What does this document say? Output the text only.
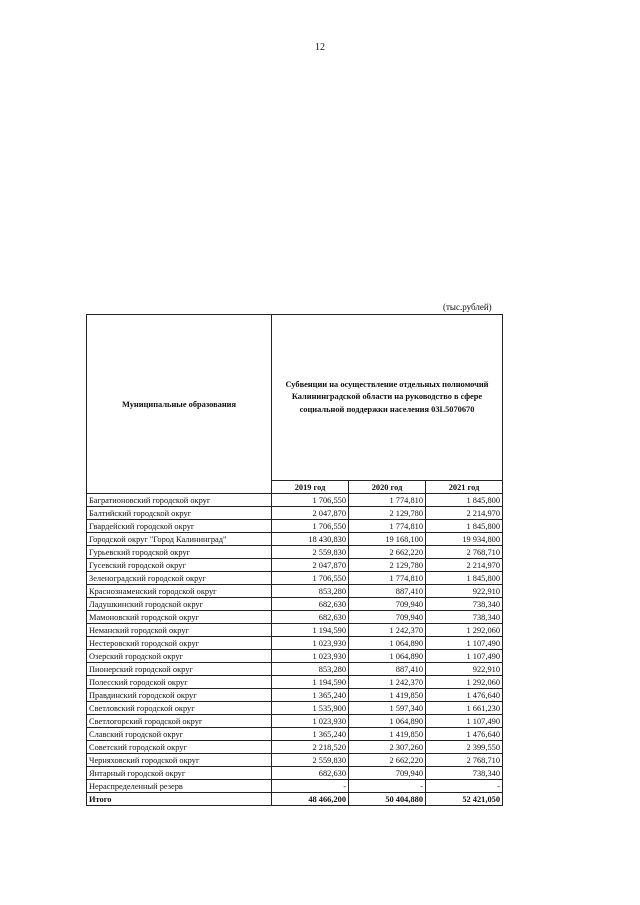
12
(тыс.рублей)
Муниципальные образования	Субвенции на осуществление отдельных полномочий Калининградской области на руководство в сфере социальной поддержки населения 03L5070670		
	2019 год	2020 год	2021 год
Багратионовский городской округ	1 706,550	1 774,810	1 845,800
Балтийский городской округ	2 047,870	2 129,780	2 214,970
Гвардейский городской округ	1 706,550	1 774,810	1 845,800
Городской округ "Город Калининград"	18 430,830	19 168,100	19 934,800
Гурьевский городской округ	2 559,830	2 662,220	2 768,710
Гусевский городской округ	2 047,870	2 129,780	2 214,970
Зеленоградский городской округ	1 706,550	1 774,810	1 845,800
Краснознаменский городской округ	853,280	887,410	922,910
Ладушкинский городской округ	682,630	709,940	738,340
Мамоновский городской округ	682,630	709,940	738,340
Неманский городской округ	1 194,590	1 242,370	1 292,060
Нестеровский городской округ	1 023,930	1 064,890	1 107,490
Озерский городской округ	1 023,930	1 064,890	1 107,490
Пионерский городской округ	853,280	887,410	922,910
Полесский городской округ	1 194,590	1 242,370	1 292,060
Правдинский городской округ	1 365,240	1 419,850	1 476,640
Светловский городской округ	1 535,900	1 597,340	1 661,230
Светлогорский городской округ	1 023,930	1 064,890	1 107,490
Славский городской округ	1 365,240	1 419,850	1 476,640
Советский городской округ	2 218,520	2 307,260	2 399,550
Черняховский городской округ	2 559,830	2 662,220	2 768,710
Янтарный городской округ	682,630	709,940	738,340
Нераспределенный резерв	-	-	-
Итого	48 466,200	50 404,880	52 421,050
